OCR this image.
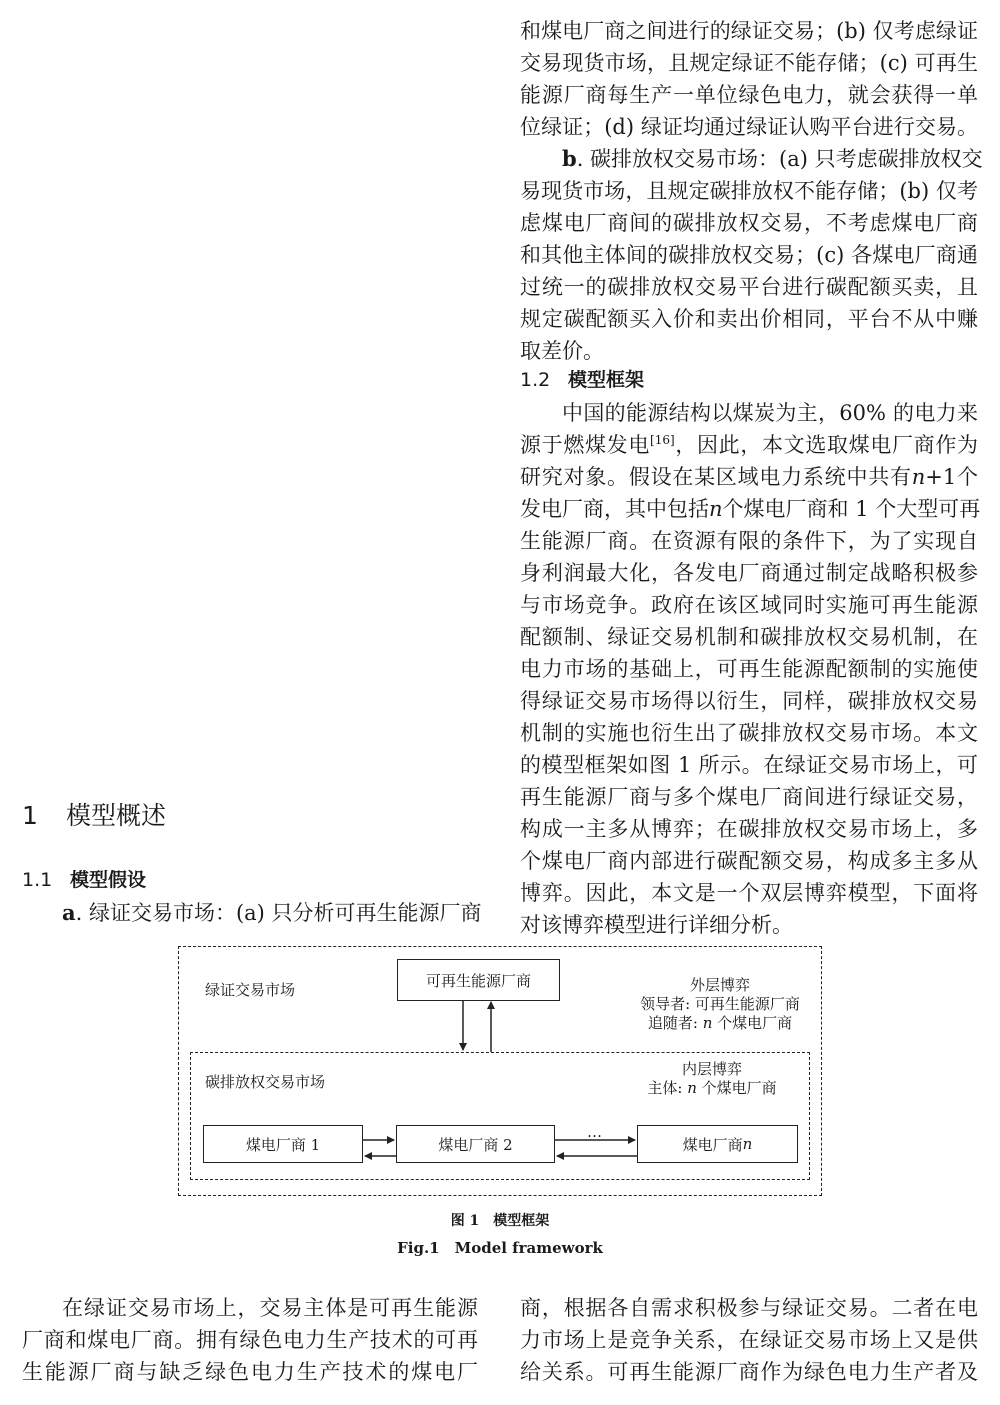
和煤电厂商之间进行的绿证交易；(b) 仅考虑绿证
交易现货市场，且规定绿证不能存储；(c) 可再生
能源厂商每生产一单位绿色电力，就会获得一单
位绿证；(d) 绿证均通过绿证认购平台进行交易。
b. 碳排放权交易市场：(a) 只考虑碳排放权交
易现货市场，且规定碳排放权不能存储；(b) 仅考
虑煤电厂商间的碳排放权交易，不考虑煤电厂商
和其他主体间的碳排放权交易；(c) 各煤电厂商通
过统一的碳排放权交易平台进行碳配额买卖，且
规定碳配额买入价和卖出价相同，平台不从中赚
取差价。
1.2 模型框架
中国的能源结构以煤炭为主，60% 的电力来
源于燃煤发电[16]，因此，本文选取煤电厂商作为
研究对象。假设在某区域电力系统中共有n+1个
发电厂商，其中包括n个煤电厂商和 1 个大型可再
生能源厂商。在资源有限的条件下，为了实现自
身利润最大化，各发电厂商通过制定战略积极参
与市场竞争。政府在该区域同时实施可再生能源
配额制、绿证交易机制和碳排放权交易机制，在
电力市场的基础上，可再生能源配额制的实施使
得绿证交易市场得以衍生，同样，碳排放权交易
机制的实施也衍生出了碳排放权交易市场。本文
的模型框架如图 1 所示。在绿证交易市场上，可
再生能源厂商与多个煤电厂商间进行绿证交易，
构成一主多从博弈；在碳排放权交易市场上，多
个煤电厂商内部进行碳配额交易，构成多主多从
博弈。因此，本文是一个双层博弈模型，下面将
对该博弈模型进行详细分析。
1 模型概述
1.1 模型假设
a. 绿证交易市场：(a) 只分析可再生能源厂商
绿证交易市场
可再生能源厂商	外层博弈
领导者: 可再生能源厂商
追随者: n 个煤电厂商
碳排放权交易市场
内层博弈
主体: n 个煤电厂商
煤电厂商 1	煤电厂商 2
…
煤电厂商 n
图 1　模型框架
Fig.1　Model framework
在绿证交易市场上，交易主体是可再生能源
厂商和煤电厂商。拥有绿色电力生产技术的可再
生能源厂商与缺乏绿色电力生产技术的煤电厂
商，根据各自需求积极参与绿证交易。二者在电
力市场上是竞争关系，在绿证交易市场上又是供
给关系。可再生能源厂商作为绿色电力生产者及
